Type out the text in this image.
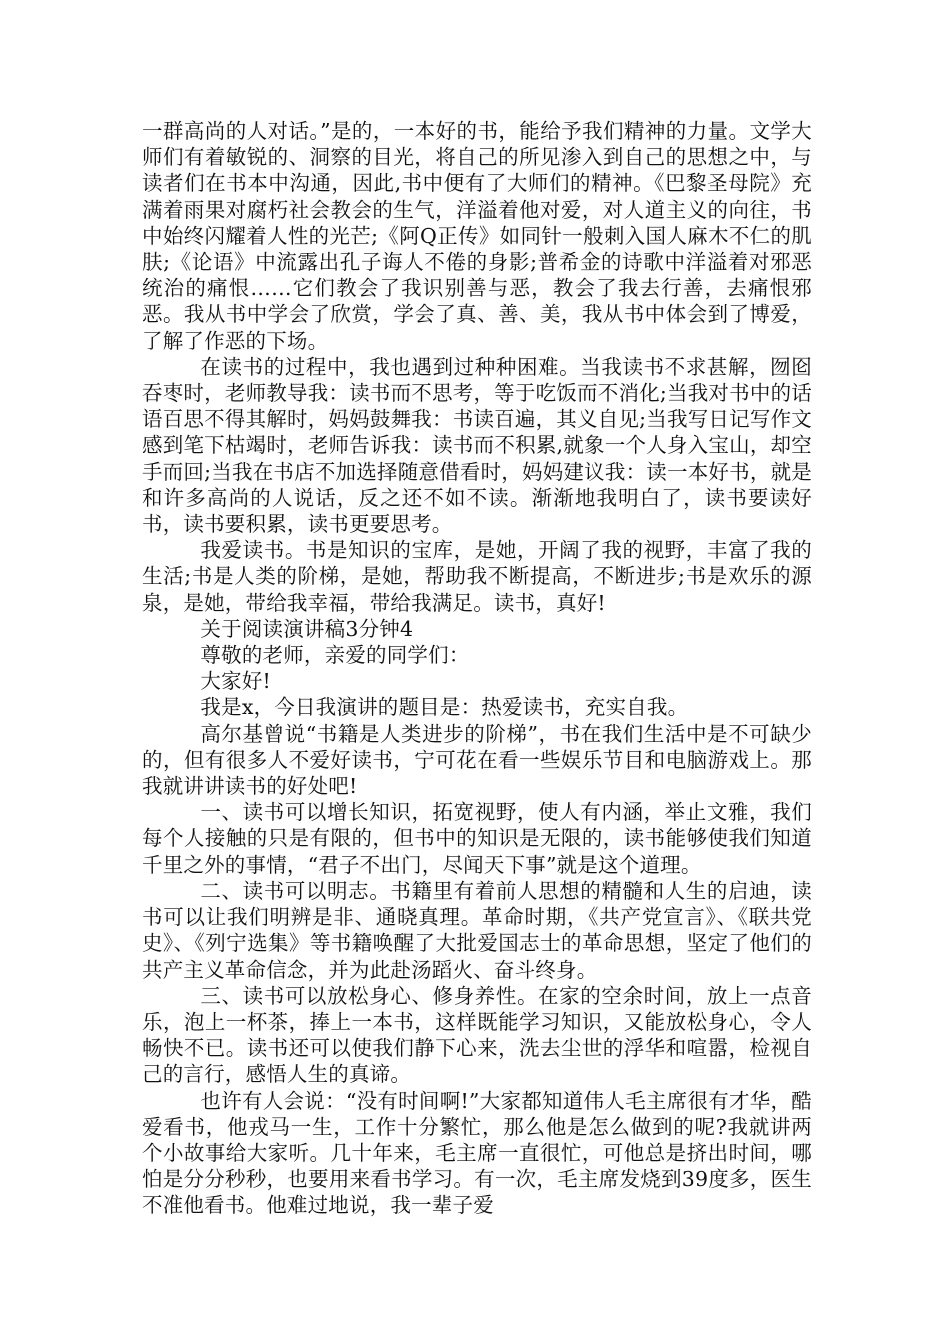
一群高尚的人对话。”是的，一本好的书，能给予我们精神的力量。文学大师们有着敏锐的、洞察的目光，将自己的所见渗入到自己的思想之中，与读者们在书本中沟通，因此,书中便有了大师们的精神。《巴黎圣母院》充满着雨果对腐朽社会教会的生气，洋溢着他对爱，对人道主义的向往，书中始终闪耀着人性的光芒;《阿Q正传》如同针一般刺入国人麻木不仁的肌肤;《论语》中流露出孔子诲人不倦的身影;普希金的诗歌中洋溢着对邪恶统治的痛恨……它们教会了我识别善与恶，教会了我去行善，去痛恨邪恶。我从书中学会了欣赏，学会了真、善、美，我从书中体会到了博爱，了解了作恶的下场。

在读书的过程中，我也遇到过种种困难。当我读书不求甚解，囫囵吞枣时，老师教导我：读书而不思考，等于吃饭而不消化;当我对书中的话语百思不得其解时，妈妈鼓舞我：书读百遍，其义自见;当我写日记写作文感到笔下枯竭时，老师告诉我：读书而不积累,就象一个人身入宝山，却空手而回;当我在书店不加选择随意借看时，妈妈建议我：读一本好书，就是和许多高尚的人说话，反之还不如不读。渐渐地我明白了，读书要读好书，读书要积累，读书更要思考。

我爱读书。书是知识的宝库，是她，开阔了我的视野，丰富了我的生活;书是人类的阶梯，是她，帮助我不断提高，不断进步;书是欢乐的源泉，是她，带给我幸福，带给我满足。读书，真好!

关于阅读演讲稿3分钟4

尊敬的老师，亲爱的同学们：

大家好!

我是x，今日我演讲的题目是：热爱读书，充实自我。

高尔基曾说“书籍是人类进步的阶梯”，书在我们生活中是不可缺少的，但有很多人不爱好读书，宁可花在看一些娱乐节目和电脑游戏上。那我就讲讲读书的好处吧!

一、读书可以增长知识，拓宽视野，使人有内涵，举止文雅，我们每个人接触的只是有限的，但书中的知识是无限的，读书能够使我们知道千里之外的事情，“君子不出门，尽闻天下事”就是这个道理。

二、读书可以明志。书籍里有着前人思想的精髓和人生的启迪，读书可以让我们明辨是非、通晓真理。革命时期，《共产党宣言》、《联共党史》、《列宁选集》等书籍唤醒了大批爱国志士的革命思想，坚定了他们的共产主义革命信念，并为此赴汤蹈火、奋斗终身。

三、读书可以放松身心、修身养性。在家的空余时间，放上一点音乐，泡上一杯茶，捧上一本书，这样既能学习知识，又能放松身心，令人畅快不已。读书还可以使我们静下心来，洗去尘世的浮华和喧嚣，检视自己的言行，感悟人生的真谛。

也许有人会说：“没有时间啊!”大家都知道伟人毛主席很有才华，酷爱看书，他戎马一生，工作十分繁忙，那么他是怎么做到的呢?我就讲两个小故事给大家听。几十年来，毛主席一直很忙，可他总是挤出时间，哪怕是分分秒秒，也要用来看书学习。有一次，毛主席发烧到39度多，医生不准他看书。他难过地说，我一辈子爱
